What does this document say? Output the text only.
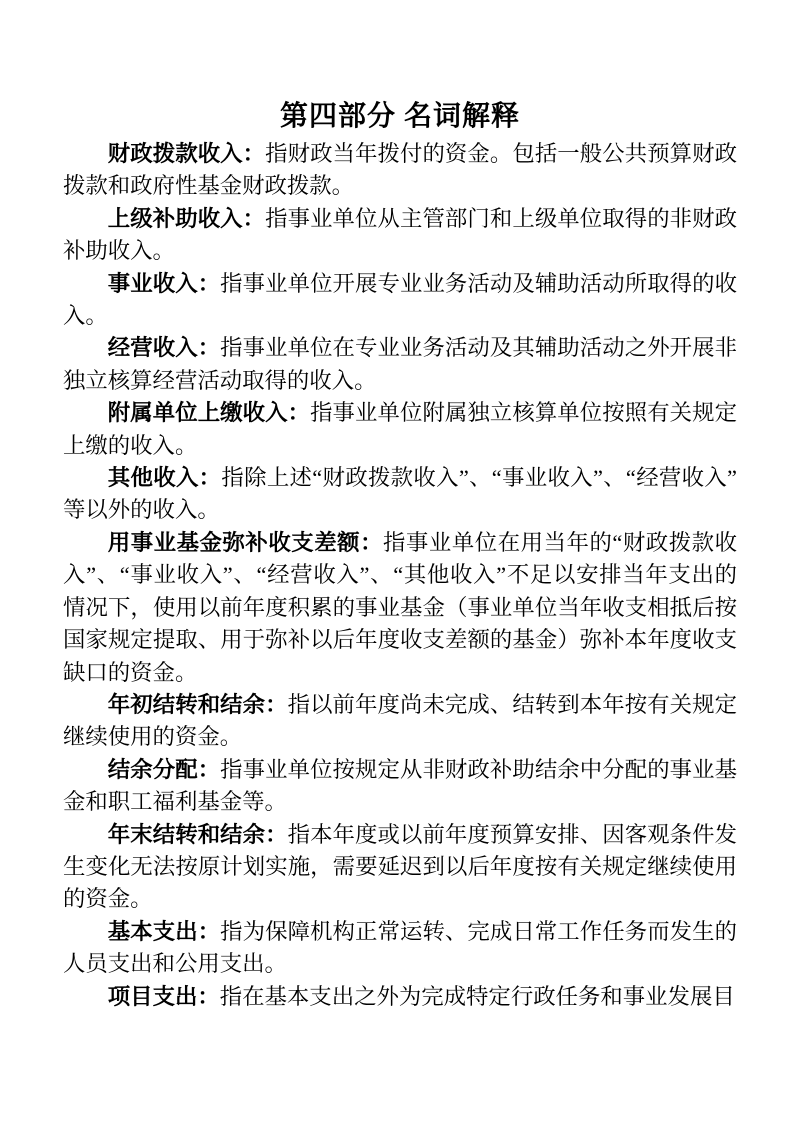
第四部分 名词解释

财政拨款收入：指财政当年拨付的资金。包括一般公共预算财政拨款和政府性基金财政拨款。

上级补助收入：指事业单位从主管部门和上级单位取得的非财政补助收入。

事业收入：指事业单位开展专业业务活动及辅助活动所取得的收入。

经营收入：指事业单位在专业业务活动及其辅助活动之外开展非独立核算经营活动取得的收入。

附属单位上缴收入：指事业单位附属独立核算单位按照有关规定上缴的收入。

其他收入：指除上述“财政拨款收入”、“事业收入”、“经营收入”等以外的收入。

用事业基金弥补收支差额：指事业单位在用当年的“财政拨款收入”、“事业收入”、“经营收入”、“其他收入”不足以安排当年支出的情况下，使用以前年度积累的事业基金（事业单位当年收支相抵后按国家规定提取、用于弥补以后年度收支差额的基金）弥补本年度收支缺口的资金。

年初结转和结余：指以前年度尚未完成、结转到本年按有关规定继续使用的资金。

结余分配：指事业单位按规定从非财政补助结余中分配的事业基金和职工福利基金等。

年末结转和结余：指本年度或以前年度预算安排、因客观条件发生变化无法按原计划实施，需要延迟到以后年度按有关规定继续使用的资金。

基本支出：指为保障机构正常运转、完成日常工作任务而发生的人员支出和公用支出。

项目支出：指在基本支出之外为完成特定行政任务和事业发展目
